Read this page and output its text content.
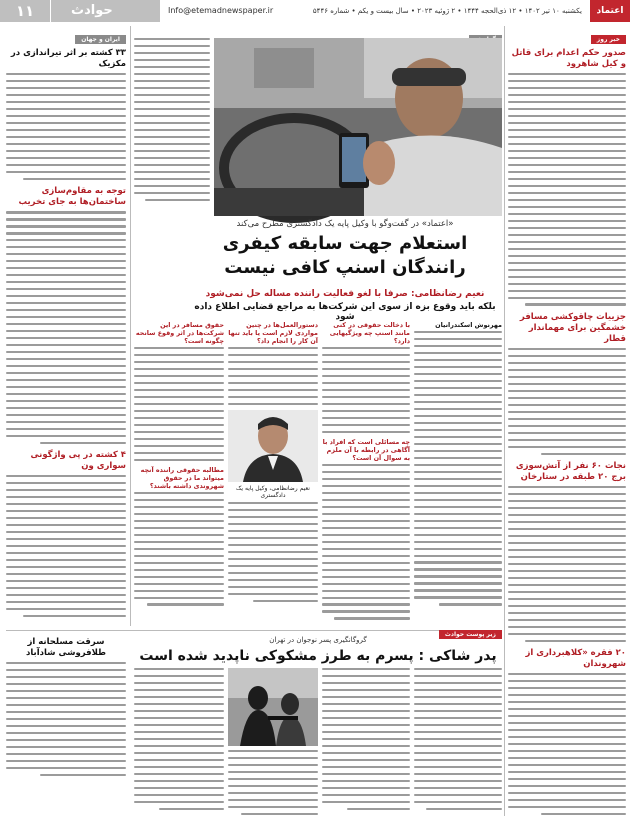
۱۱	حوادث	Info@etemadnewspaper.ir	یکشنبه ۱۰ تیر ۱۴۰۲ • ۱۲ ذی‌الحجه ۱۴۴۴ • ۲ ژوئیه ۲۰۲۳ • سال بیست و یکم • شماره ۵۴۴۶	اعتماد
خبر روز
صدور حکم اعدام برای قاتل و کیل شاهرود
جزییات چاقوکشی مسافر خشمگین برای مهماندار قطار
نجات ۶۰ نفر از آتش‌سوزی برج ۲۰ طبقه در ستارخان
۲۰ فقره «کلاهبرداری از شهروندان
«اعتماد» در گفت‌وگو با وکیل پایه یک دادگستری مطرح می‌کند
استعلام جهت سابقه کیفری رانندگان اسنپ کافی نیست
نعیم رضانظامی: صرفا با لغو فعالیت راننده مساله حل نمی‌شود
بلکه باید وقوع بزه از سوی این شرکت‌ها به مراجع قضایی اطلاع داده شود
مهرنوش اسکندرانیان
با دخالت حقوقی در کنی مانند اسنپ چه ویژگیهایی دارد؟
چه مسائلی است که افراد با آگاهی در رابطه با آن ملزم به سوال آن است؟
دستورالعمل‌ها در چنین مواردی لازم است یا باید تنها آن کار را انجام داد؟
نعیم رضانظامی، وکیل پایه یک دادگستری
حقوق مسافر در این شرکت‌ها در اثر وقوع سانحه چگونه است؟
مطالبه حقوقی راننده آنچه میتواند ما در حقوق شهروندی داشته باشند؟
ایران و جهان
۳۳ کشته بر اثر تیراندازی در مکزیک
توجه به مقاوم‌سازی ساختمان‌ها به جای تخریب
۴ کشته در پی واژگونی سواری ون
سرقت مسلحانه از طلافروشی شادآباد
زیر پوست حوادث
گروگانگیری پسر نوجوان در تهران
پدر شاکی : پسرم به طرز مشکوکی ناپدید شده است
